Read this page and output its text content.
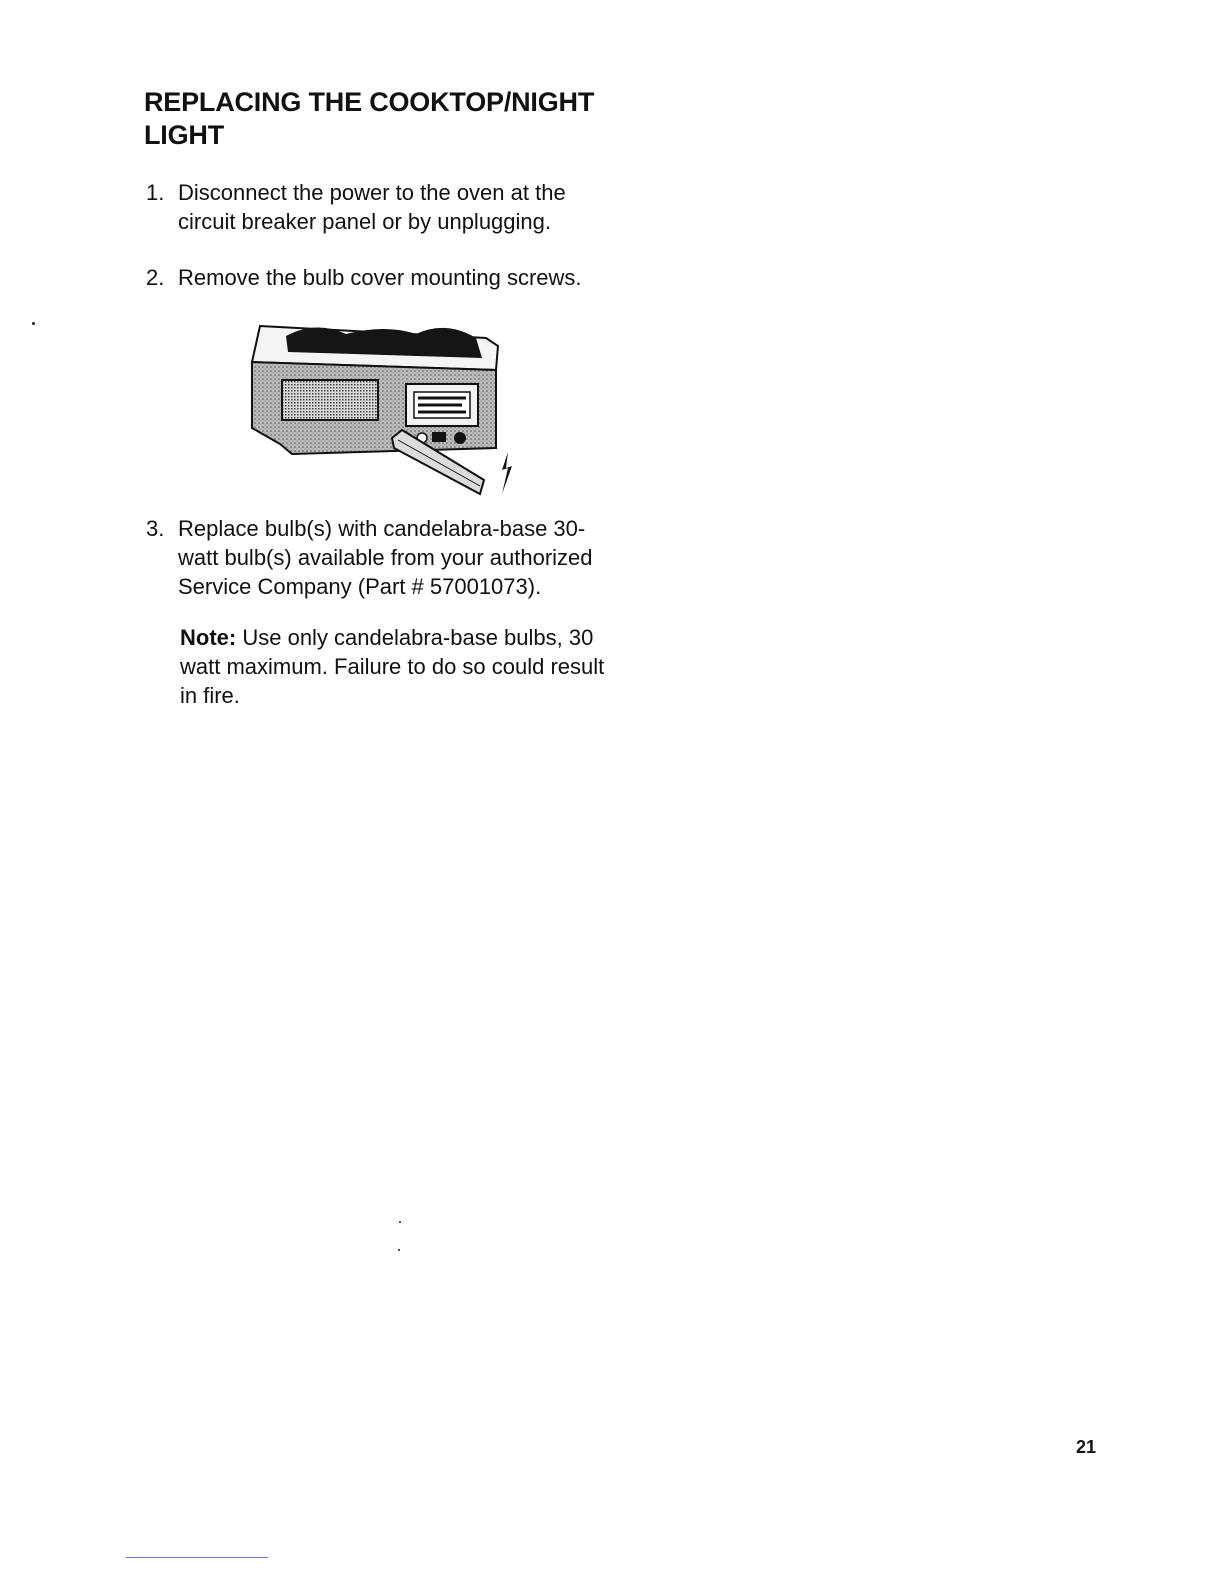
REPLACING THE COOKTOP/NIGHT LIGHT
1. Disconnect the power to the oven at the circuit breaker panel or by unplugging.
2. Remove the bulb cover mounting screws.
3. Replace bulb(s) with candelabra-base 30-watt bulb(s) available from your authorized Service Company (Part # 57001073).
Note: Use only candelabra-base bulbs, 30 watt maximum. Failure to do so could result in fire.
21
